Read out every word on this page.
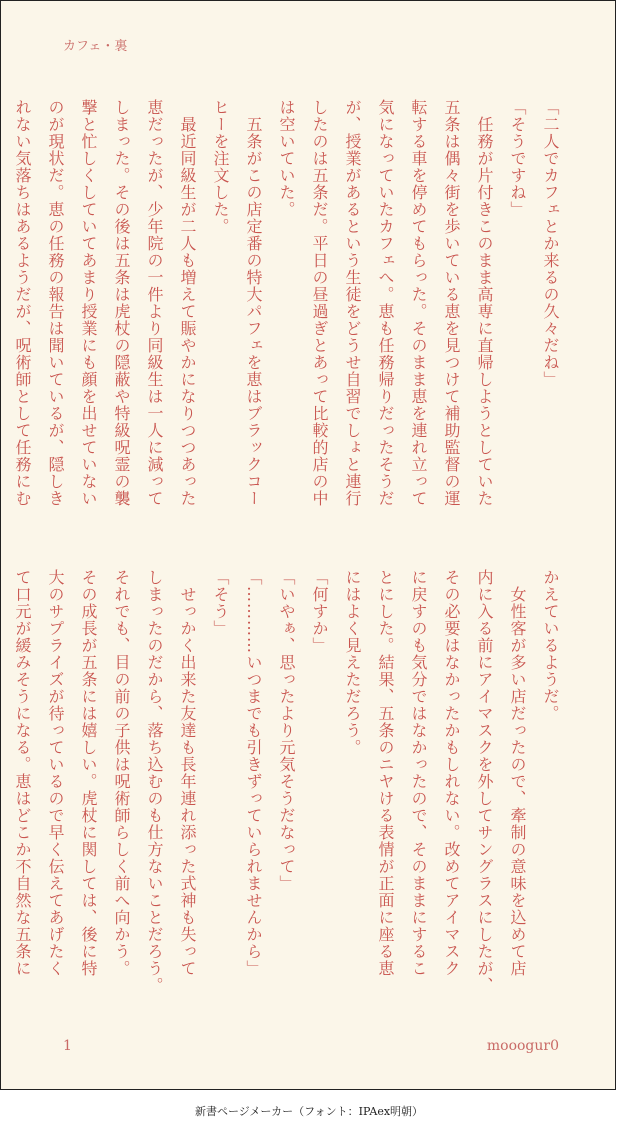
カフェ・裏
「二人でカフェとか来るの久々だね」
「そうですね」
　任務が片付きこのまま高専に直帰しようとしていた
五条は偶々街を歩いている恵を見つけて補助監督の運
転する車を停めてもらった。そのまま恵を連れ立って
気になっていたカフェへ。恵も任務帰りだったそうだ
が、授業があるという生徒をどうせ自習でしょと連行
したのは五条だ。平日の昼過ぎとあって比較的店の中
は空いていた。
　五条がこの店定番の特大パフェを恵はブラックコー
ヒーを注文した。
　最近同級生が二人も増えて賑やかになりつつあった
恵だったが、少年院の一件より同級生は一人に減って
しまった。その後は五条は虎杖の隠蔽や特級呪霊の襲
撃と忙しくしていてあまり授業にも顔を出せていない
のが現状だ。恵の任務の報告は聞いているが、隠しき
れない気落ちはあるようだが、呪術師として任務にむ
かえているようだ。
　女性客が多い店だったので、牽制の意味を込めて店
内に入る前にアイマスクを外してサングラスにしたが、
その必要はなかったかもしれない。改めてアイマスク
に戻すのも気分ではなかったので、そのままにするこ
とにした。結果、五条のニヤける表情が正面に座る恵
にはよく見えただろう。
「何すか」
「いやぁ、思ったより元気そうだなって」
「…………いつまでも引きずっていられませんから」
「そう」
　せっかく出来た友達も長年連れ添った式神も失って
しまったのだから、落ち込むのも仕方ないことだろう。
それでも、目の前の子供は呪術師らしく前へ向かう。
その成長が五条には嬉しい。虎杖に関しては、後に特
大のサプライズが待っているので早く伝えてあげたく
て口元が緩みそうになる。恵はどこか不自然な五条に
1	mooogur0
新書ページメーカー（フォント：IPAex明朝）
